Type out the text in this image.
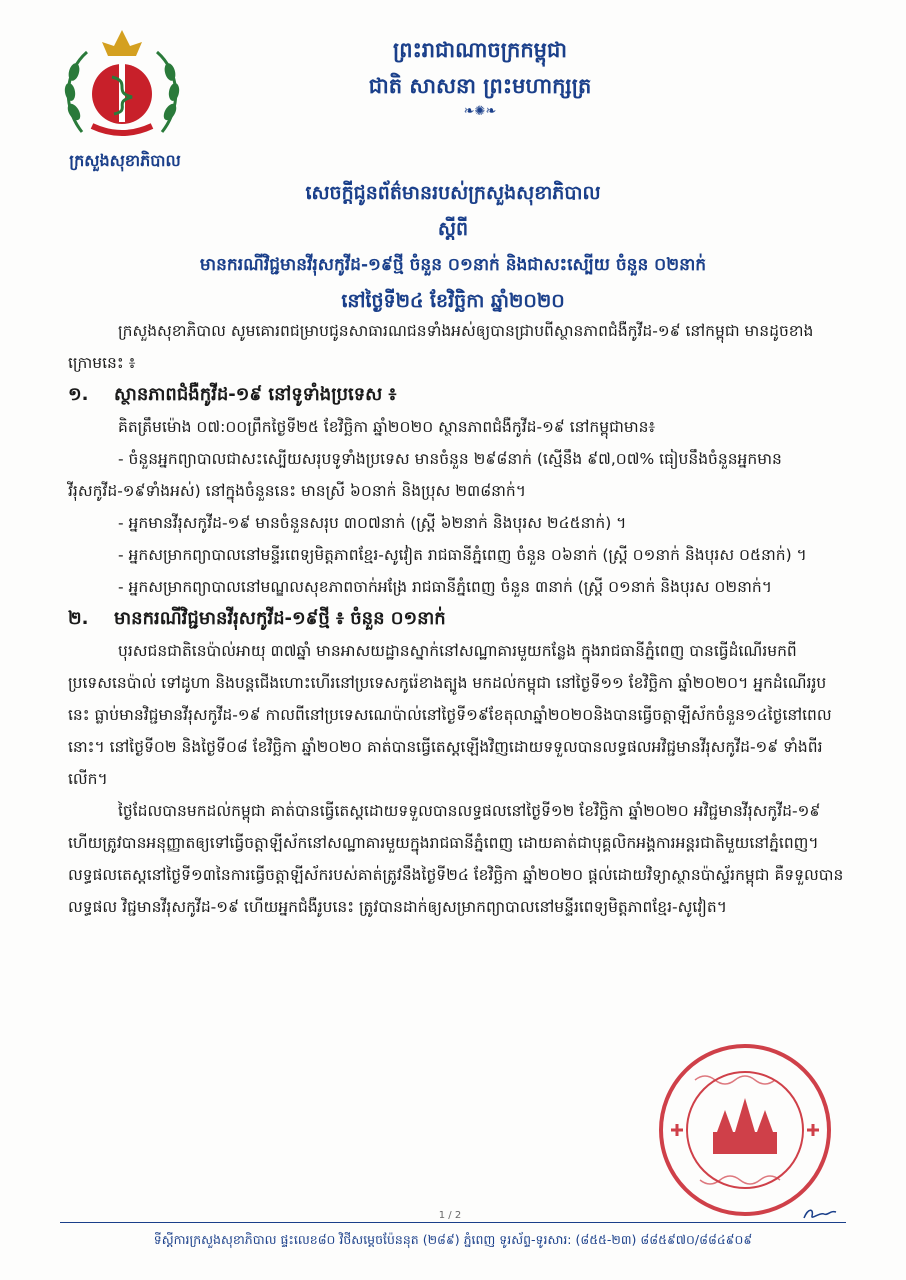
ក្រសួងសុខាភិបាល
ព្រះរាជាណាចក្រកម្ពុជា
ជាតិ សាសនា ព្រះមហាក្សត្រ
❧✺❧
សេចក្តីជូនព័ត៌មានរបស់ក្រសួងសុខាភិបាល
ស្តីពី
មានករណីវិជ្ជមានវីរុសកូវីដ-១៩ថ្មី ចំនួន ០១នាក់ និងជាសះស្បើយ ចំនួន ០២នាក់
នៅថ្ងៃទី២៤ ខែវិច្ឆិកា ឆ្នាំ២០២០

ក្រសួងសុខាភិបាល សូមគោរពជម្រាបជូនសាធារណជនទាំងអស់ឲ្យបានជ្រាបពីស្ថានភាពជំងឺកូវីដ-១៩ នៅកម្ពុជា មានដូចខាងក្រោមនេះ ៖

១. ស្ថានភាពជំងឺកូវីដ-១៩ នៅទូទាំងប្រទេស ៖

គិតត្រឹមម៉ោង ០៧:០០ព្រឹកថ្ងៃទី២៥ ខែវិច្ឆិកា ឆ្នាំ២០២០ ស្ថានភាពជំងឺកូវីដ-១៩ នៅកម្ពុជាមាន៖

- ចំនួនអ្នកព្យាបាលជាសះស្បើយសរុបទូទាំងប្រទេស មានចំនួន ២៩៨នាក់ (ស្មើនឹង ៩៧,០៧% ធៀបនឹងចំនួនអ្នកមានវីរុសកូវីដ-១៩ទាំងអស់) នៅក្នុងចំនួននេះ មានស្រី ៦០នាក់ និងប្រុស ២៣៨នាក់។

- អ្នកមានវីរុសកូវីដ-១៩ មានចំនួនសរុប ៣០៧នាក់ (ស្ត្រី ៦២នាក់ និងបុរស ២៤៥នាក់) ។

- អ្នកសម្រាកព្យាបាលនៅមន្ទីរពេទ្យមិត្តភាពខ្មែរ-សូវៀត រាជធានីភ្នំពេញ ចំនួន ០៦នាក់ (ស្ត្រី ០១នាក់ និងបុរស ០៥នាក់) ។

- អ្នកសម្រាកព្យាបាលនៅមណ្ឌលសុខភាពចាក់អង្រែ រាជធានីភ្នំពេញ ចំនួន ៣នាក់ (ស្ត្រី ០១នាក់ និងបុរស ០២នាក់។

២. មានករណីវិជ្ជមានវីរុសកូវីដ-១៩ថ្មី ៖ ចំនួន ០១នាក់

បុរសជនជាតិនេប៉ាល់អាយុ ៣៧ឆ្នាំ មានអាសយដ្ឋានស្នាក់នៅសណ្ឋាគារមួយកន្លែង ក្នុងរាជធានីភ្នំពេញ បានធ្វើដំណើរមកពីប្រទេសនេប៉ាល់ ទៅដូហា និងបន្តជើងហោះហើរនៅប្រទេសកូរ៉េខាងត្បូង មកដល់កម្ពុជា នៅថ្ងៃទី១១ ខែវិច្ឆិកា ឆ្នាំ២០២០។ អ្នកដំណើររូបនេះ ធ្លាប់មានវិជ្ជមានវីរុសកូវីដ-១៩ កាលពីនៅប្រទេសណេប៉ាល់នៅថ្ងៃទី១៩ខែតុលាឆ្នាំ២០២០និងបានធ្វើចត្តាឡីស័កចំនួន១៤ថ្ងៃនៅពេលនោះ។ នៅថ្ងៃទី០២ និងថ្ងៃទី០៨ ខែវិច្ឆិកា ឆ្នាំ២០២០ គាត់បានធ្វើតេស្តឡើងវិញដោយទទួលបានលទ្ធផលអវិជ្ជមានវីរុសកូវីដ-១៩ ទាំងពីរលើក។

ថ្ងៃដែលបានមកដល់កម្ពុជា គាត់បានធ្វើតេស្តដោយទទួលបានលទ្ធផលនៅថ្ងៃទី១២ ខែវិច្ឆិកា ឆ្នាំ២០២០ អវិជ្ជមានវីរុសកូវីដ-១៩ ហើយត្រូវបានអនុញ្ញាតឲ្យទៅធ្វើចត្តាឡីស័កនៅសណ្ឋាគារមួយក្នុងរាជធានីភ្នំពេញ ដោយគាត់ជាបុគ្គលិកអង្គការអន្តរជាតិមួយនៅភ្នំពេញ។ លទ្ធផលតេស្តនៅថ្ងៃទី១៣នៃការធ្វើចត្តាឡីស័ករបស់គាត់ត្រូវនឹងថ្ងៃទី២៤ ខែវិច្ឆិកា ឆ្នាំ២០២០ ផ្តល់ដោយវិទ្យាស្ថានប៉ាស្ទ័រកម្ពុជា គឺទទួលបានលទ្ធផល វិជ្ជមានវីរុសកូវីដ-១៩ ហើយអ្នកជំងឺរូបនេះ ត្រូវបានដាក់ឲ្យសម្រាកព្យាបាលនៅមន្ទីរពេទ្យមិត្តភាពខ្មែរ-សូវៀត។

1 / 2
ទីស្តីការក្រសួងសុខាភិបាល ផ្ទះលេខ៨០ វិថីសម្តេចប៉ែននុត (២៨៩) ភ្នំពេញ ទូរស័ព្ទ-ទូរសារ: (៨៥៥-២៣) ៨៨៥៩៧០/៨៨៤៩០៩
